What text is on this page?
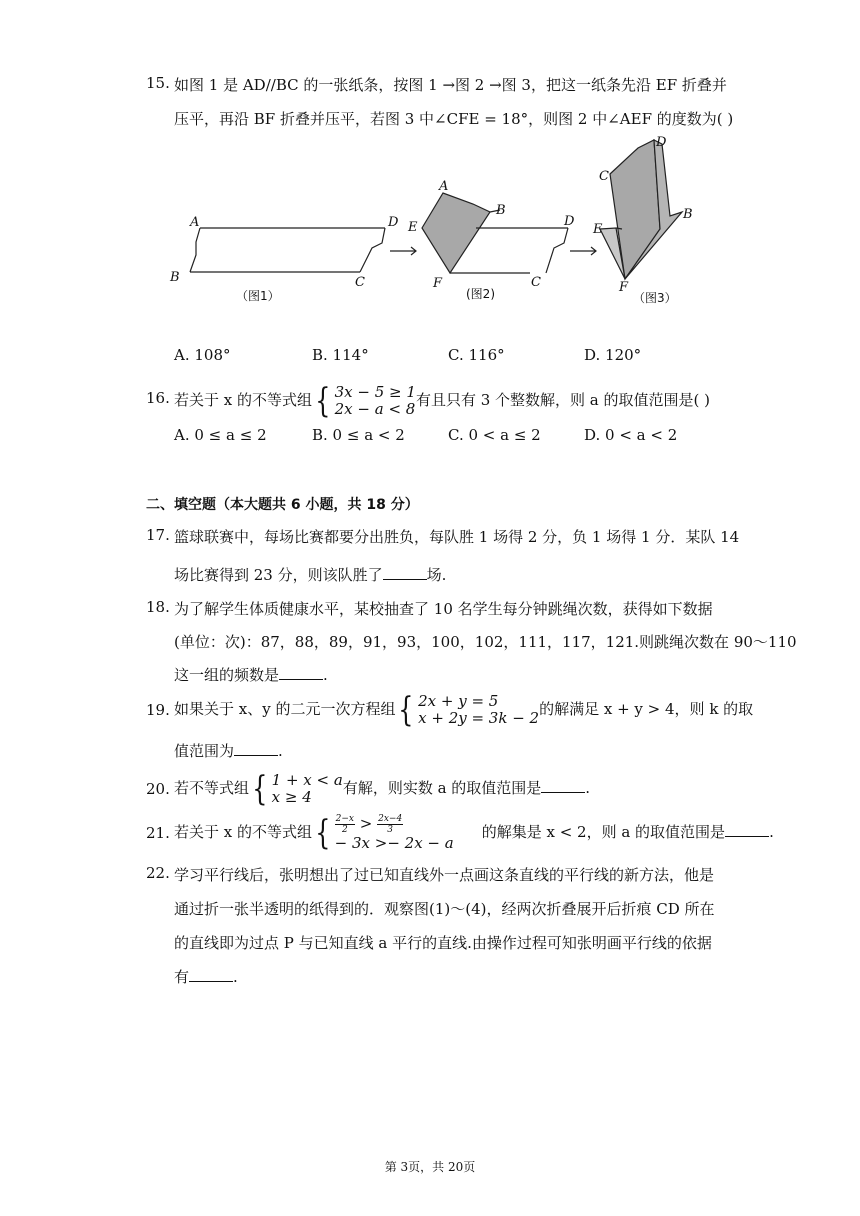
15. 如图 1 是 AD//BC 的一张纸条，按图 1 →图 2 →图 3，把这一纸条先沿 EF 折叠并
压平，再沿 BF 折叠并压平，若图 3 中∠CFE = 18°，则图 2 中∠AEF 的度数为( )
A
B	C
D
A
B
E
F	C
D
D
C
B
E
F
（图1）	(图2)	（图3）
A. 108°	B. 114°	C. 116°	D. 120°
16. 若关于 x 的不等式组 { 3x − 5 ≥ 1
2x − a < 8 有且只有 3 个整数解，则 a 的取值范围是( )
A. 0 ≤ a ≤ 2	B. 0 ≤ a < 2	C. 0 < a ≤ 2	D. 0 < a < 2
二、填空题（本大题共 6 小题，共 18 分）
17. 篮球联赛中，每场比赛都要分出胜负，每队胜 1 场得 2 分，负 1 场得 1 分．某队 14
场比赛得到 23 分，则该队胜了	场.
18. 为了解学生体质健康水平，某校抽查了 10 名学生每分钟跳绳次数，获得如下数据
(单位：次)：87，88，89，91，93，100，102，111，117，121.则跳绳次数在 90～110
这一组的频数是	.
19. 如果关于 x、y 的二元一次方程组 { 2x + y = 5
x + 2y = 3k − 2 的解满足 x + y > 4，则 k 的取
值范围为	.
20. 若不等式组 { 1 + x < a
x ≥ 4	有解，则实数 a 的取值范围是	.
21. 若关于 x 的不等式组 { $\frac{2-x}{2} > \frac{2x-4}{3}$
− 3x >− 2x − a
的解集是 x < 2，则 a 的取值范围是	.
22. 学习平行线后，张明想出了过已知直线外一点画这条直线的平行线的新方法，他是
通过折一张半透明的纸得到的．观察图(1)～(4)，经两次折叠展开后折痕 CD 所在
的直线即为过点 P 与已知直线 a 平行的直线.由操作过程可知张明画平行线的依据
有	.
第 3页，共 20页
